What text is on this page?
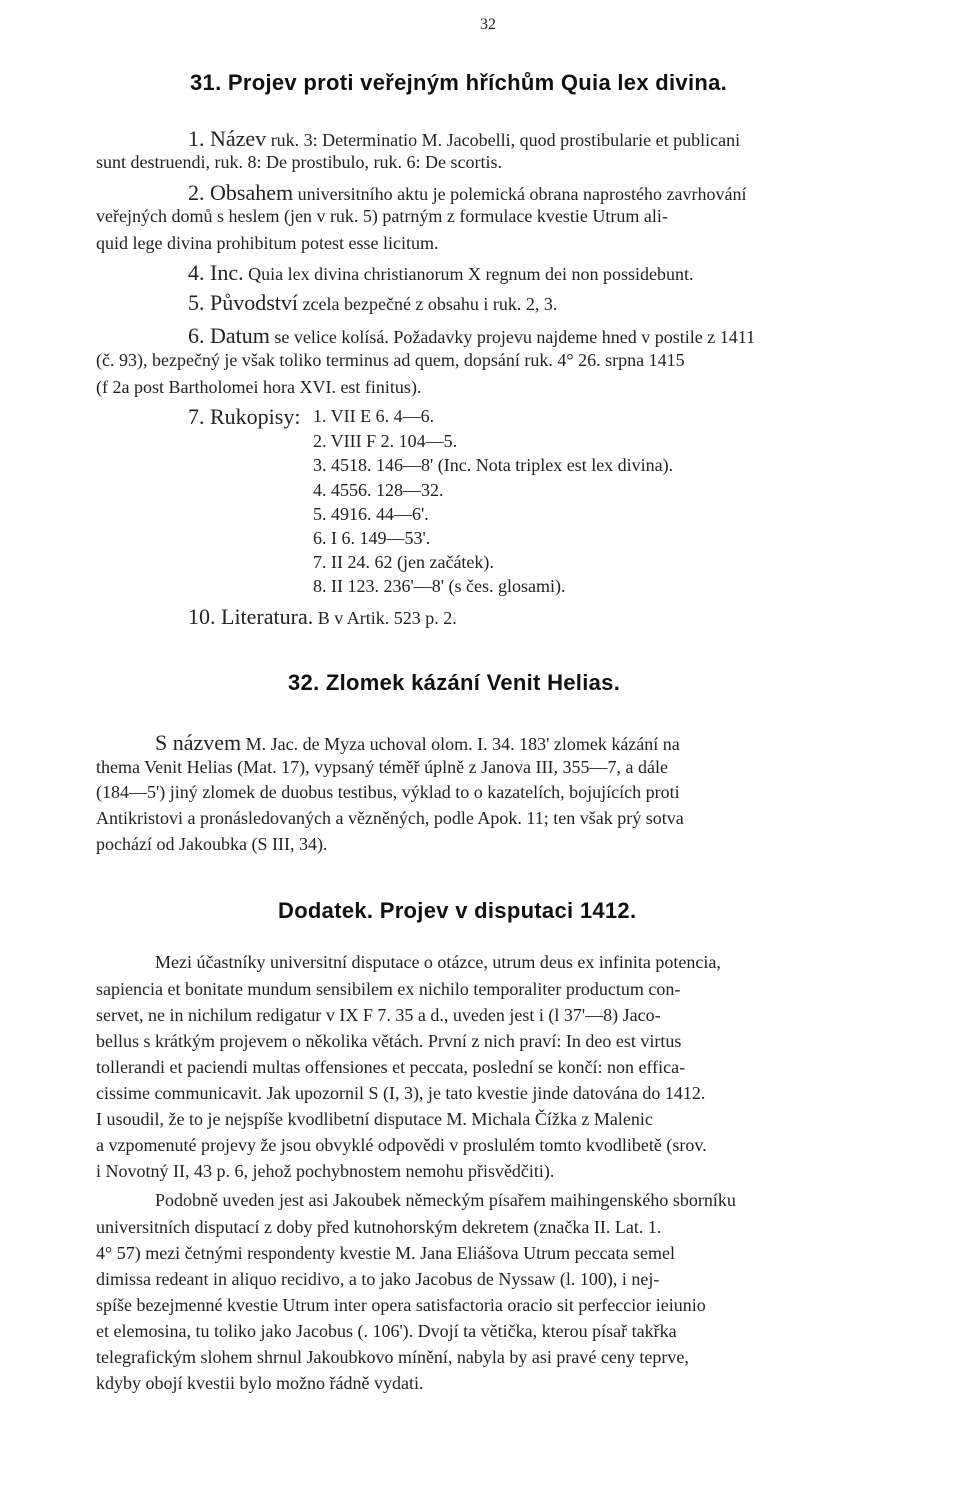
32
31. Projev proti veřejným hříchům Quia lex divina.
1. Název ruk. 3: Determinatio M. Jacobelli, quod prostibularie et publicani
sunt destruendi, ruk. 8: De prostibulo, ruk. 6: De scortis.
2. Obsahem universitního aktu je polemická obrana naprostého zavrhování
veřejných domů s heslem (jen v ruk. 5) patrným z formulace kvestie Utrum ali-
quid lege divina prohibitum potest esse licitum.
4. Inc. Quia lex divina christianorum X regnum dei non possidebunt.
5. Původství zcela bezpečné z obsahu i ruk. 2, 3.
6. Datum se velice kolísá. Požadavky projevu najdeme hned v postile z 1411
(č. 93), bezpečný je však toliko terminus ad quem, dopsání ruk. 4° 26. srpna 1415
(f 2a post Bartholomei hora XVI. est finitus).
7. Rukopisy: 1. VII E 6. 4—6.
2. VIII F 2. 104—5.
3. 4518. 146—8' (Inc. Nota triplex est lex divina).
4. 4556. 128—32.
5. 4916. 44—6'.
6. I 6. 149—53'.
7. II 24. 62 (jen začátek).
8. II 123. 236'—8' (s čes. glosami).
10. Literatura. B v Artik. 523 p. 2.
32. Zlomek kázání Venit Helias.
S názvem M. Jac. de Myza uchoval olom. I. 34. 183' zlomek kázání na
thema Venit Helias (Mat. 17), vypsaný téměř úplně z Janova III, 355—7, a dále
(184—5') jiný zlomek de duobus testibus, výklad to o kazatelích, bojujících proti
Antikristovi a pronásledovaných a vězněných, podle Apok. 11; ten však prý sotva
pochází od Jakoubka (S III, 34).
Dodatek. Projev v disputaci 1412.
Mezi účastníky universitní disputace o otázce, utrum deus ex infinita potencia,
sapiencia et bonitate mundum sensibilem ex nichilo temporaliter productum con-
servet, ne in nichilum redigatur v IX F 7. 35 a d., uveden jest i (l 37'—8) Jaco-
bellus s krátkým projevem o několika větách. První z nich praví: In deo est virtus
tollerandi et paciendi multas offensiones et peccata, poslední se končí: non effica-
cissime communicavit. Jak upozornil S (I, 3), je tato kvestie jinde datována do 1412.
I usoudil, že to je nejspíše kvodlibetní disputace M. Michala Čížka z Malenic
a vzpomenuté projevy že jsou obvyklé odpovědi v proslulém tomto kvodlibetě (srov.
i Novotný II, 43 p. 6, jehož pochybnostem nemohu přisvědčiti).
Podobně uveden jest asi Jakoubek německým písařem maihingenského sborníku
universitních disputací z doby před kutnohorským dekretem (značka II. Lat. 1.
4° 57) mezi četnými respondenty kvestie M. Jana Eliášova Utrum peccata semel
dimissa redeant in aliquo recidivo, a to jako Jacobus de Nyssaw (l. 100), i nej-
spíše bezejmenné kvestie Utrum inter opera satisfactoria oracio sit perfeccior ieiunio
et elemosina, tu toliko jako Jacobus (. 106'). Dvojí ta větička, kterou písař takřka
telegrafickým slohem shrnul Jakoubkovo mínění, nabyla by asi pravé ceny teprve,
kdyby obojí kvestii bylo možno řádně vydati.
